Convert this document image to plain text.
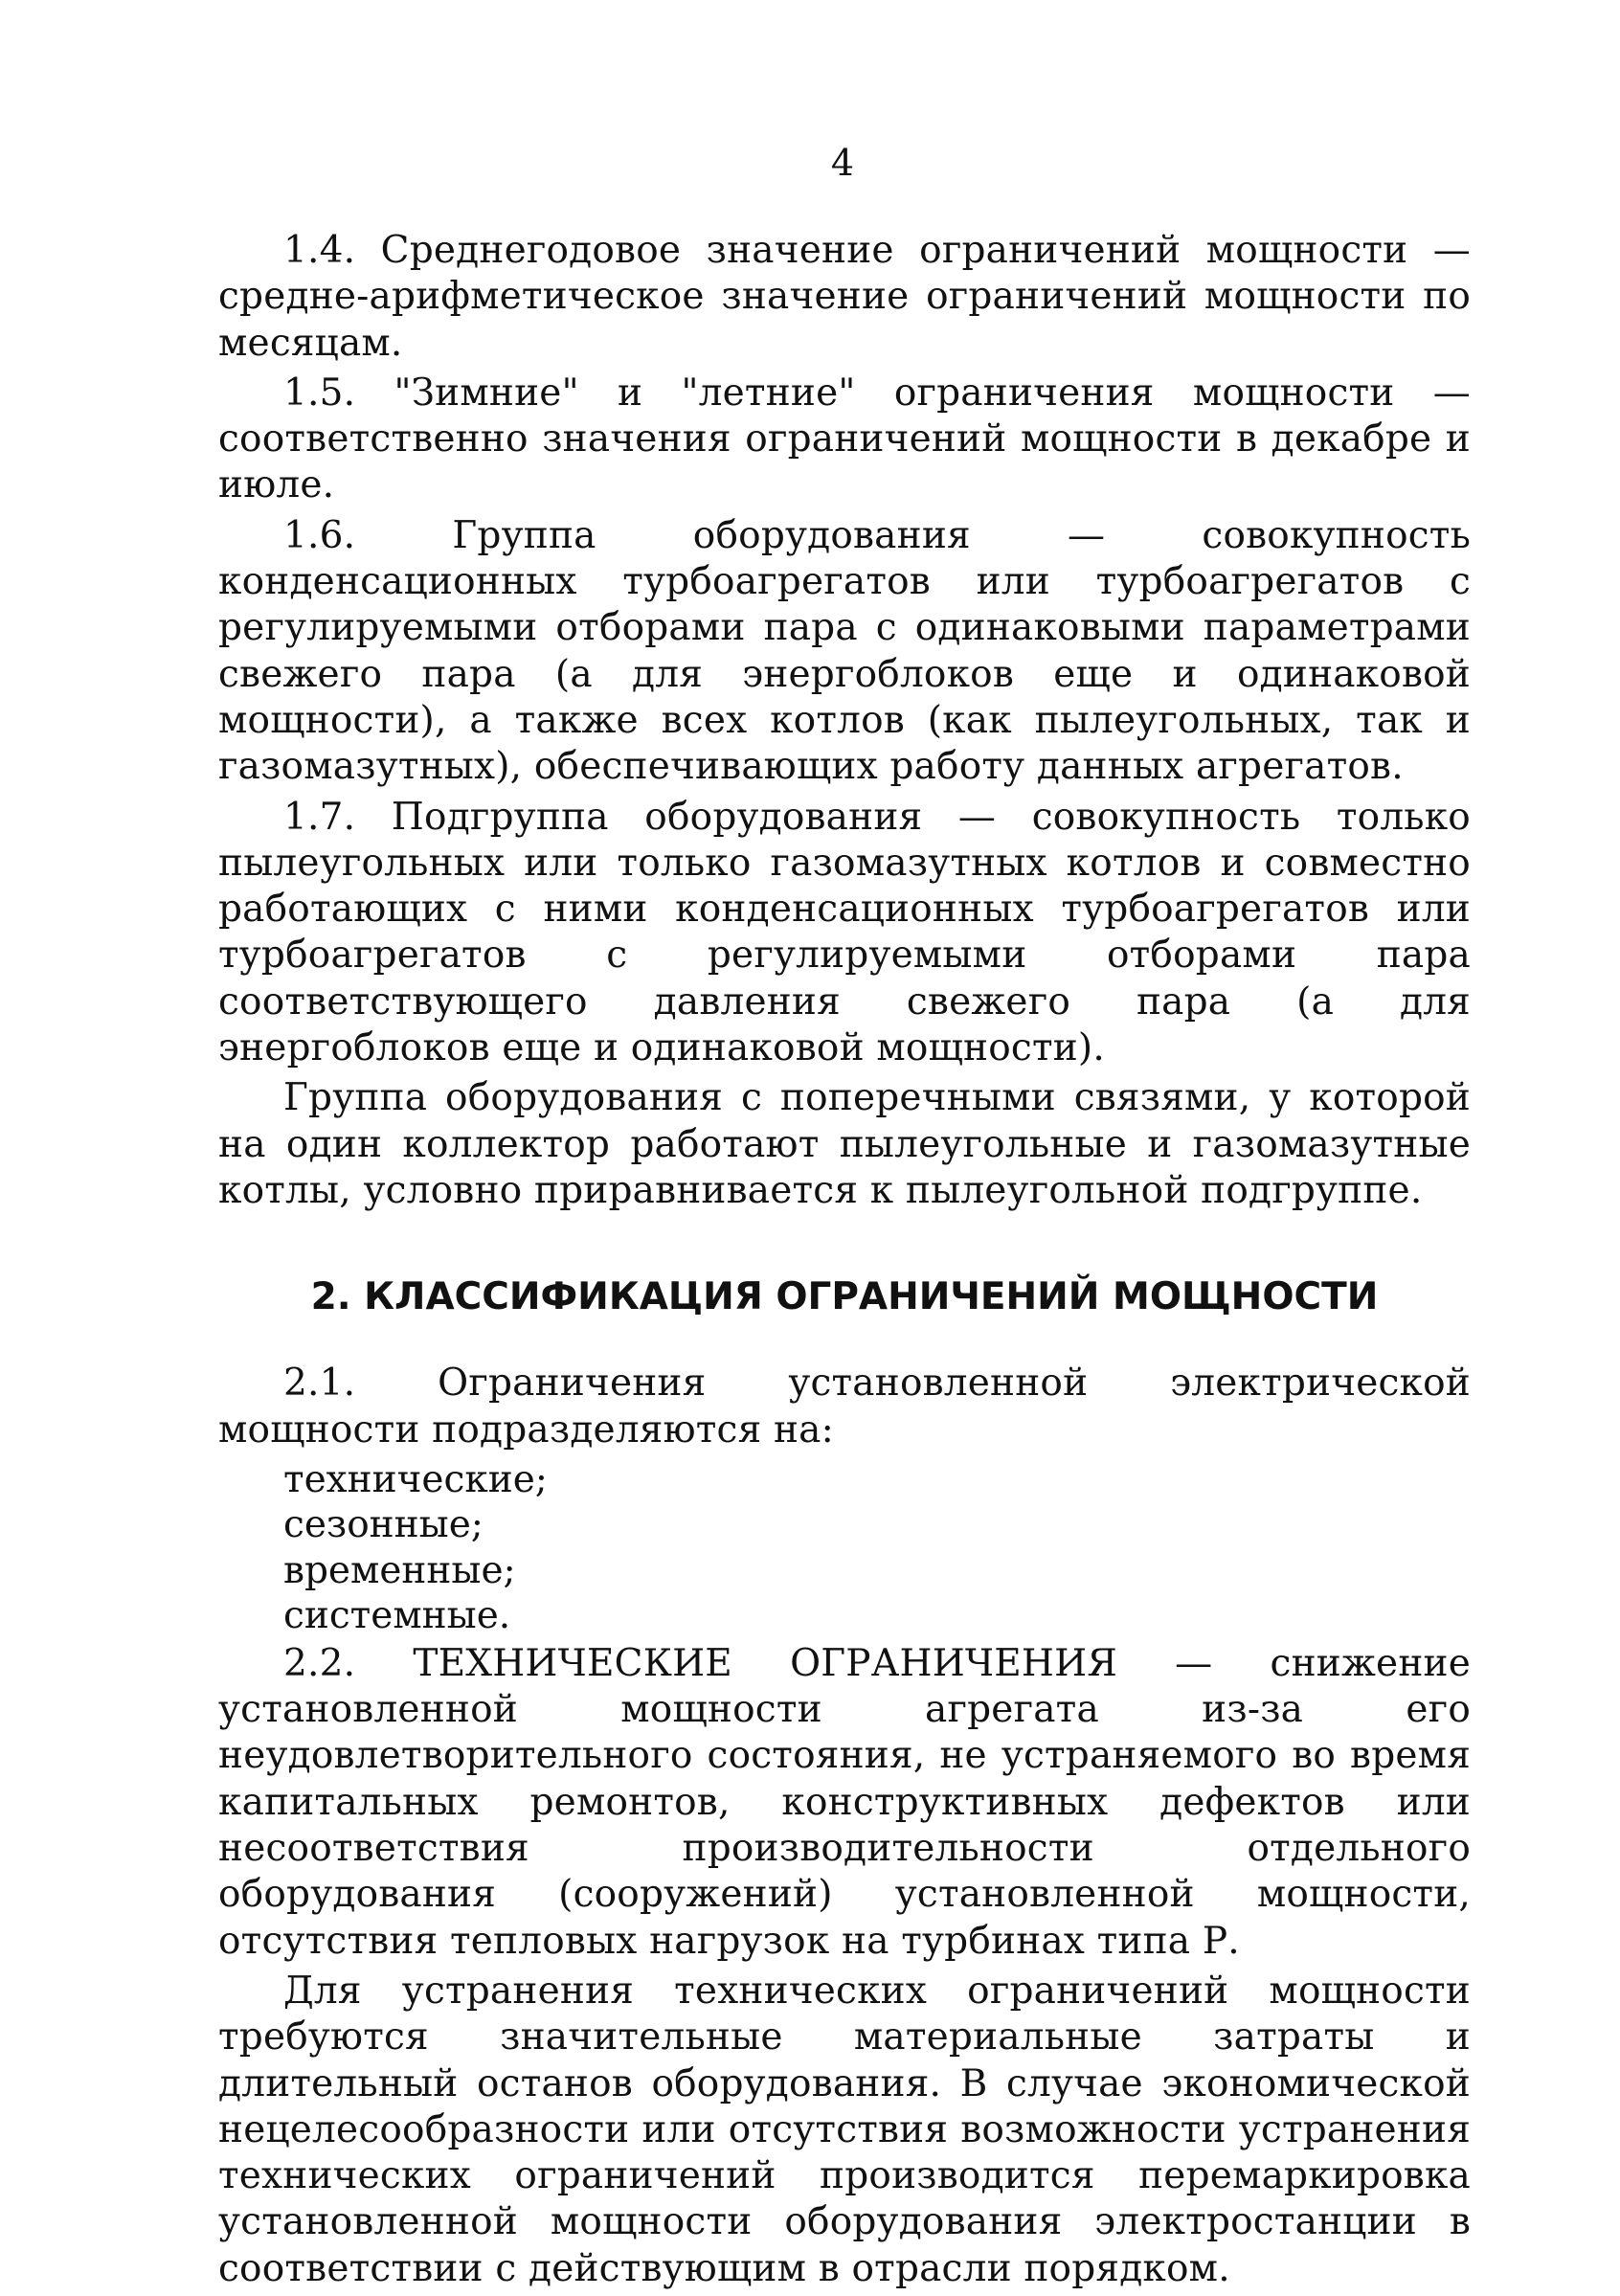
4

1.4. Среднегодовое значение ограничений мощности — средне-арифметическое значение ограничений мощности по месяцам.

1.5. "Зимние" и "летние" ограничения мощности — соответственно значения ограничений мощности в декабре и июле.

1.6. Группа оборудования — совокупность конденсационных турбоагрегатов или турбоагрегатов с регулируемыми отборами пара с одинаковыми параметрами свежего пара (а для энергоблоков еще и одинаковой мощности), а также всех котлов (как пылеугольных, так и газомазутных), обеспечивающих работу данных агрегатов.

1.7. Подгруппа оборудования — совокупность только пылеугольных или только газомазутных котлов и совместно работающих с ними конденсационных турбоагрегатов или турбоагрегатов с регулируемыми отборами пара соответствующего давления свежего пара (а для энергоблоков еще и одинаковой мощности).

Группа оборудования с поперечными связями, у которой на один коллектор работают пылеугольные и газомазутные котлы, условно приравнивается к пылеугольной подгруппе.

2. КЛАССИФИКАЦИЯ ОГРАНИЧЕНИЙ МОЩНОСТИ

2.1. Ограничения установленной электрической мощности подразделяются на:

технические;
сезонные;
временные;
системные.

2.2. ТЕХНИЧЕСКИЕ ОГРАНИЧЕНИЯ — снижение установленной мощности агрегата из-за его неудовлетворительного состояния, не устраняемого во время капитальных ремонтов, конструктивных дефектов или несоответствия производительности отдельного оборудования (сооружений) установленной мощности, отсутствия тепловых нагрузок на турбинах типа Р.

Для устранения технических ограничений мощности требуются значительные материальные затраты и длительный останов оборудования. В случае экономической нецелесообразности или отсутствия возможности устранения технических ограничений производится перемаркировка установленной мощности оборудования электростанции в соответствии с действующим в отрасли порядком.
